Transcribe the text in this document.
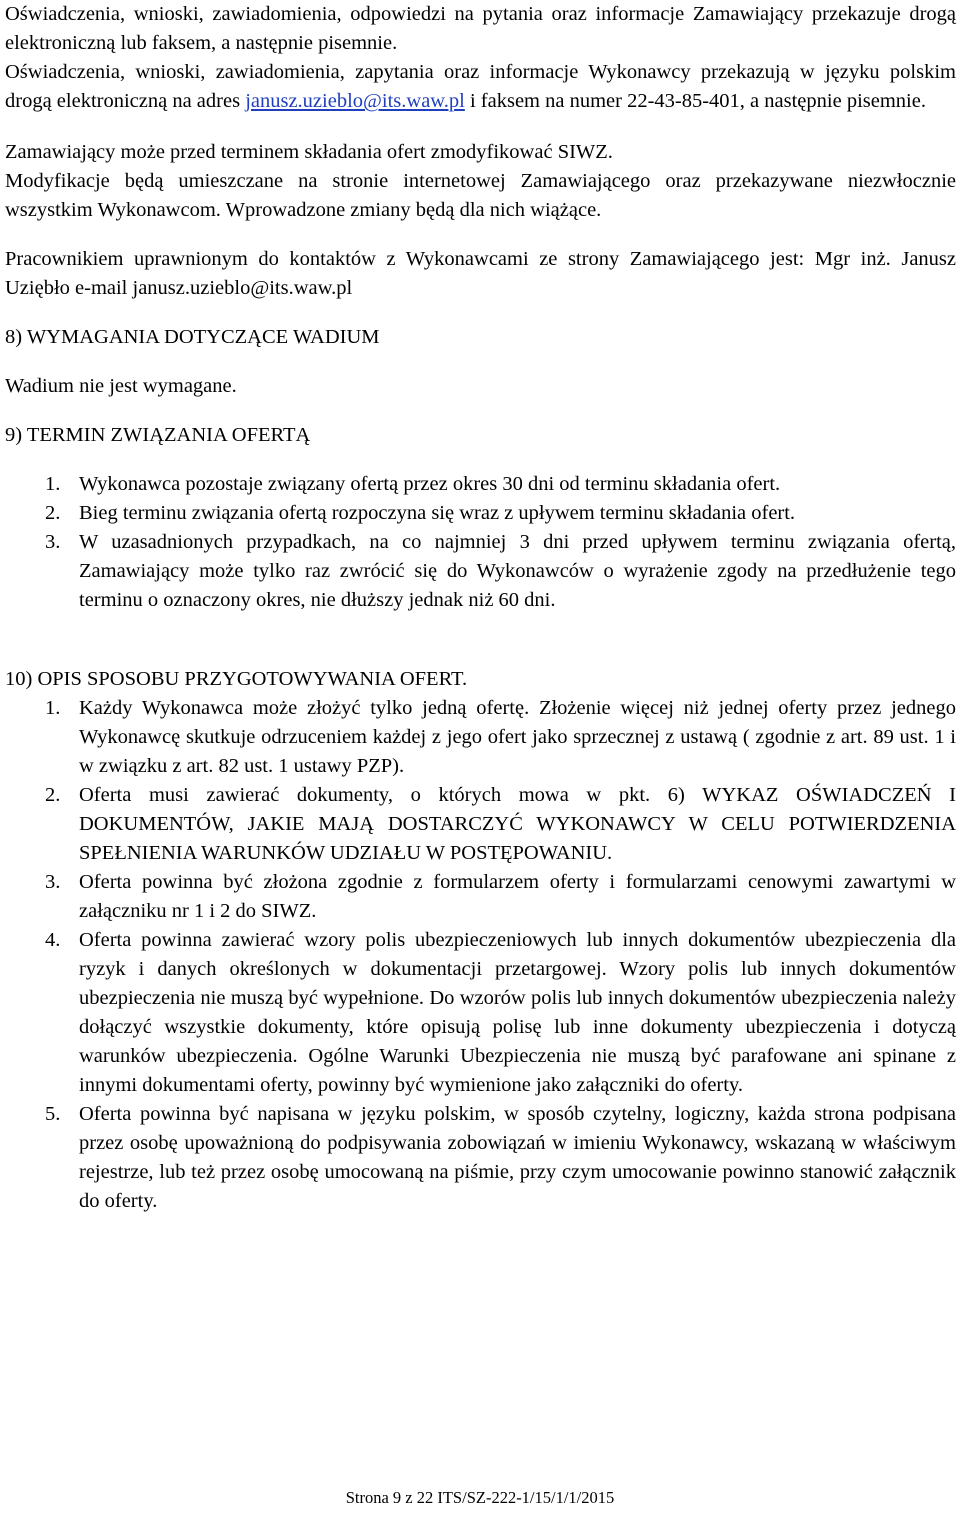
Oświadczenia, wnioski, zawiadomienia, odpowiedzi na pytania oraz informacje Zamawiający przekazuje drogą elektroniczną lub faksem, a następnie pisemnie.

Oświadczenia, wnioski, zawiadomienia, zapytania oraz informacje Wykonawcy przekazują w języku polskim drogą elektroniczną na adres janusz.uzieblo@its.waw.pl i faksem na numer 22-43-85-401, a następnie pisemnie.

Zamawiający może przed terminem składania ofert zmodyfikować SIWZ.

Modyfikacje będą umieszczane na stronie internetowej Zamawiającego oraz przekazywane niezwłocznie wszystkim Wykonawcom. Wprowadzone zmiany będą dla nich wiążące.

Pracownikiem uprawnionym do kontaktów z Wykonawcami ze strony Zamawiającego jest: Mgr inż. Janusz Uziębło e-mail janusz.uzieblo@its.waw.pl

8) WYMAGANIA DOTYCZĄCE WADIUM

Wadium nie jest wymagane.

9) TERMIN ZWIĄZANIA OFERTĄ

1. Wykonawca pozostaje związany ofertą przez okres 30 dni od terminu składania ofert.
2. Bieg terminu związania ofertą rozpoczyna się wraz z upływem terminu składania ofert.
3. W uzasadnionych przypadkach, na co najmniej 3 dni przed upływem terminu związania ofertą, Zamawiający może tylko raz zwrócić się do Wykonawców o wyrażenie zgody na przedłużenie tego terminu o oznaczony okres, nie dłuższy jednak niż 60 dni.

10) OPIS SPOSOBU PRZYGOTOWYWANIA OFERT.

1. Każdy Wykonawca może złożyć tylko jedną ofertę. Złożenie więcej niż jednej oferty przez jednego Wykonawcę skutkuje odrzuceniem każdej z jego ofert jako sprzecznej z ustawą ( zgodnie z art. 89 ust. 1 i w związku z art. 82 ust. 1 ustawy PZP).
2. Oferta musi zawierać dokumenty, o których mowa w pkt. 6) WYKAZ OŚWIADCZEŃ I DOKUMENTÓW, JAKIE MAJĄ DOSTARCZYĆ WYKONAWCY W CELU POTWIERDZENIA SPEŁNIENIA WARUNKÓW UDZIAŁU W POSTĘPOWANIU.
3. Oferta powinna być złożona zgodnie z formularzem oferty i formularzami cenowymi zawartymi w załączniku nr 1 i 2 do SIWZ.
4. Oferta powinna zawierać wzory polis ubezpieczeniowych lub innych dokumentów ubezpieczenia dla ryzyk i danych określonych w dokumentacji przetargowej. Wzory polis lub innych dokumentów ubezpieczenia nie muszą być wypełnione. Do wzorów polis lub innych dokumentów ubezpieczenia należy dołączyć wszystkie dokumenty, które opisują polisę lub inne dokumenty ubezpieczenia i dotyczą warunków ubezpieczenia. Ogólne Warunki Ubezpieczenia nie muszą być parafowane ani spinane z innymi dokumentami oferty, powinny być wymienione jako załączniki do oferty.
5. Oferta powinna być napisana w języku polskim, w sposób czytelny, logiczny, każda strona podpisana przez osobę upoważnioną do podpisywania zobowiązań w imieniu Wykonawcy, wskazaną w właściwym rejestrze, lub też przez osobę umocowaną na piśmie, przy czym umocowanie powinno stanowić załącznik do oferty.
Strona 9 z 22 ITS/SZ-222-1/15/1/1/2015
